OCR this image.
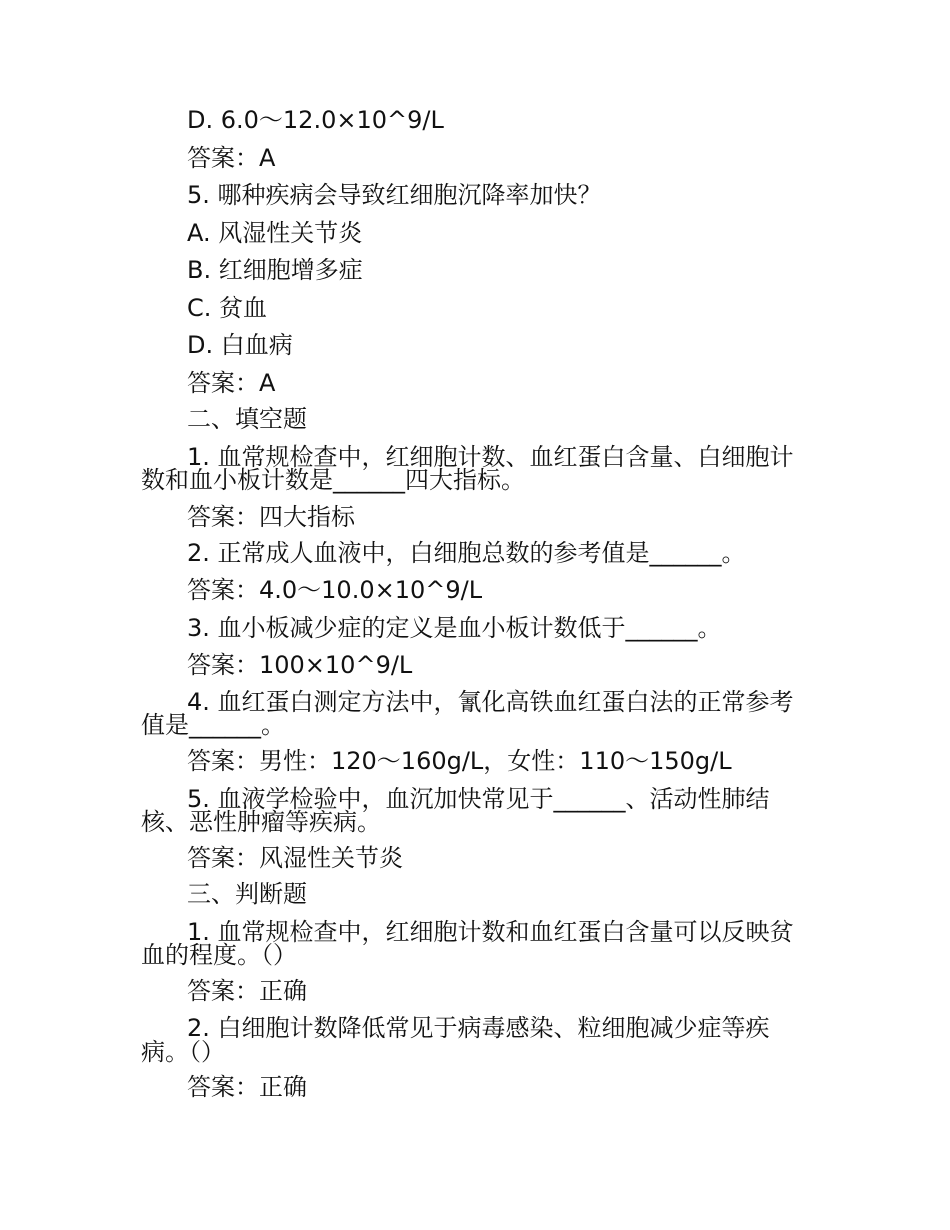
D. 6.0～12.0×10^9/L
答案：A
5. 哪种疾病会导致红细胞沉降率加快？
A. 风湿性关节炎
B. 红细胞增多症
C. 贫血
D. 白血病
答案：A
二、填空题
1. 血常规检查中，红细胞计数、血红蛋白含量、白细胞计
数和血小板计数是______四大指标。
答案：四大指标
2. 正常成人血液中，白细胞总数的参考值是______。
答案：4.0～10.0×10^9/L
3. 血小板减少症的定义是血小板计数低于______。
答案：100×10^9/L
4. 血红蛋白测定方法中，氰化高铁血红蛋白法的正常参考
值是______。
答案：男性：120～160g/L，女性：110～150g/L
5. 血液学检验中，血沉加快常见于______、活动性肺结
核、恶性肿瘤等疾病。
答案：风湿性关节炎
三、判断题
1. 血常规检查中，红细胞计数和血红蛋白含量可以反映贫
血的程度。（）
答案：正确
2. 白细胞计数降低常见于病毒感染、粒细胞减少症等疾
病。（）
答案：正确
